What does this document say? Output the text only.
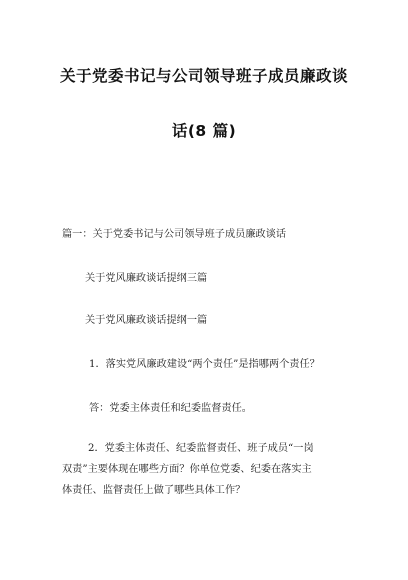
关于党委书记与公司领导班子成员廉政谈
话(8 篇)
篇一：关于党委书记与公司领导班子成员廉政谈话
关于党风廉政谈话提纲三篇
关于党风廉政谈话提纲一篇
1．落实党风廉政建设“两个责任”是指哪两个责任？
答：党委主体责任和纪委监督责任。
2．党委主体责任、纪委监督责任、班子成员“一岗
双责”主要体现在哪些方面？你单位党委、纪委在落实主
体责任、监督责任上做了哪些具体工作？
